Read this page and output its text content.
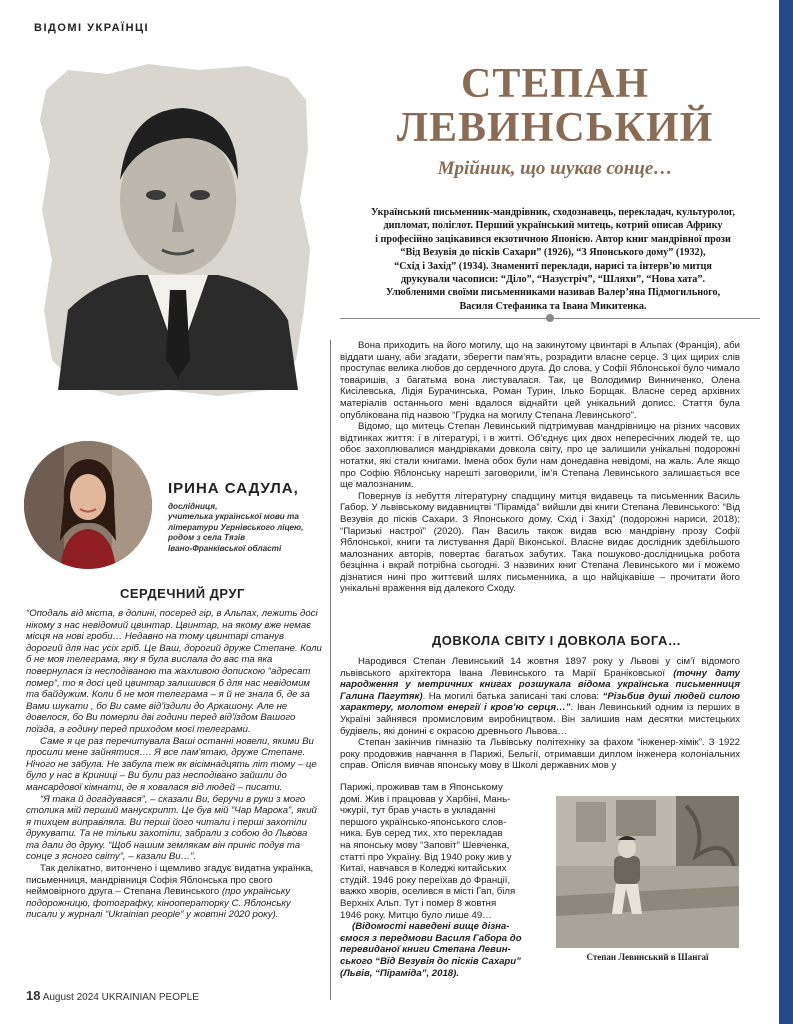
ВІДОМІ УКРАЇНЦІ
СТЕПАН
ЛЕВИНСЬКИЙ
Мрійник, що шукав сонце…
Український письменник-мандрівник, сходознавець, перекладач, культуролог,
дипломат, поліглот. Перший український митець, котрий описав Африку
і професійно зацікавився екзотичною Японією. Автор книг мандрівної прози
“Від Везувія до пісків Сахари” (1926), “З Японського дому” (1932),
“Схід і Захід” (1934). Знаменитї переклади, нарисі та інтерв’ю митця
друкували часописи: “Діло”, “Назустріч”, “Шляхи”, “Нова хата”.
Улюбленими своїми письменниками називав Валер’яна Підмогильного,
Василя Стефаника та Івана Микитенка.
ІРИНА САДУЛА,
дослідниця,
учителька української мови та
літератури Угрнівського ліцею,
родом з села Тязів
Івано-Франківської області
СЕРДЕЧНИЙ ДРУГ

“Оподаль від міста, в долині, посеред гір, в Альпах, лежить досі нікому з нас невідомий цвинтар. Цвинтар, на якому вже немає місця на нові гроби… Недавно на тому цвинтарі станув дорогий для нас усіх гріб. Це Ваш, дорогий друже Степане. Коли б не моя телеграма, яку я була вислала до вас та яка повернулася із несподіваною та жахливою допискою “адресат помер”, то я досі цей цвинтар залишився б для нас невідомим та байдужим. Коли б не моя телеграма – я й не знала б, де за Вами шукати , бо Ви саме від’їздили до Аркашону. Але не довелося, бо Ви померли дві години перед від’їздом Вашого поїзда, а годину перед приходом моєї телеграми.

Саме я це раз перечитувала Ваші останні новели, якими Ви просили мене зайнятися…. Я все пам’ятаю, друже Степане. Нічого не забула. Не забула теж як вісімнадцять літ тому – це було у нас в Криниці – Ви були раз несподівано зайшли до мансардової кімнати, де я ховалася від людей – писати.

“Я така й догадувався”, – сказали Ви, беручи в руки з мого столика мій перший манускрипт. Це був мій “Чар Марока”, який я тихцем виправляла. Ви перші його читали і перші захотіли друкувати. Та не тільки захотіли, забрали з собою до Львова та дали до друку. “Щоб нашим землякам він приніс подув та сонце з ясного світу”, – казали Ви…”.

Так делікатно, витончено і щемливо згадує видатна українка, письменниця, мандрівниця Софія Яблонська про свого неймовірного друга – Степана Левинського (про українську подорожницю, фотографку, кінооператорку С. Яблонську писали у журналі “Ukrainian people” у жовтні 2020 року).

Вона приходить на його могилу, що на закинутому цвинтарі в Альпах (Франція), аби віддати шану, аби згадати, зберегти пам’ять, розрадити власне серце. З цих щирих слів проступає велика любов до сердечного друга. До слова, у Софії Яблонської було чимало товаришів, з багатьма вона листувалася. Так, це Володимир Винниченко, Олена Кисілевська, Лідія Бурачинська, Роман Турин, Ілько Борщак. Власне серед архівних матеріалів останнього мені вдалося віднайти цей унікальний дописс. Стаття була опублікована під назвою “Грудка на могилу Степана Левинського”.

Відомо, що митець Степан Левинський підтримував мандрівницю на різних часових відтинках життя: і в літературі, і в житті. Об’єднує цих двох непересічних людей те, що обоє захоплювалися мандрівками довкола світу, про це залишили унікальні подорожні нотатки, які стали книгами. Імена обох були нам донедавна невідомі, на жаль. Але якщо про Софію Яблонську нарешті заговорили, ім’я Степана Левинського залишається все ще малознаним.

Повернув із небуття літературну спадщину митця видавець та письменник Василь Габор. У львівському видавництві “Піраміда” вийшли дві книги Степана Левинського: “Від Везувія до пісків Сахари. З Японського дому. Схід і Захід” (подорожні нариси, 2018); “Паризькі настрої” (2020). Пан Василь також видав всю мандрівну прозу Софії Яблонської, книги та листування Дарії Віконської. Власне видає дослідник здебільшого малознаних авторів, повертає багатьох забутих. Така пошуково-дослідницька робота безцінна і вкрай потрібна сьогодні. З назвиних книг Степана Левинського ми і можемо дізнатися нині про життєвий шлях письменника, а що найцікавіше – прочитати його унікальні враження від далекого Сходу.

ДОВКОЛА СВІТУ І ДОВКОЛА БОГА…

Народився Степан Левинський 14 жовтня 1897 року у Львові у сім’ї відомого львівського архітектора Івана Левинського та Марії Браніковської (точну дату народження у метричних книгах розшукала відома українська письменниця Галина Пагутяк). На могилі батька записані такі слова: “Різьбив душі людей силою характеру, молотом енергії і кров’ю серця…”. Іван Левинський одним із перших в Україні зайнявся промисловим виробництвом. Він залишив нам десятки мистецьких будівель, які донині є окрасою древнього Львова…

Степан закінчив гімназію та Львівську політехніку за фахом “інженер-хімік”. З 1922 року продовжив навчання в Парижі, Бельгії, отримавши диплом інженера колоніальних справ. Опісля вивчав японську мову в Школі державних мов у

Парижі, проживав там в Японському
домі. Жив і працював у Харбіні, Мань-
чжурії, тут брав участь в укладанні
першого українсько-японського слов-
ника. Був серед тих, хто перекладав
на японську мову “Заповіт” Шевченка,
статті про Україну. Від 1940 року жив у
Китаї, навчався в Коледжі китайських
студій. 1946 року переїхав до Франції,
важко хворів, оселився в місті Гап, біля
Верхніх Альп. Тут і помер 8 жовтня
1946 року. Митцю було лише 49…
(Відомості наведені вище дізна-
ємося з передмови Василя Габора до
перевиданої книги Степана Левин-
ського “Від Везувія до пісків Сахари”
(Львів, “Піраміда”, 2018).
Степан Левинський в Шангаї
18 August 2024 UKRAINIAN PEOPLE
